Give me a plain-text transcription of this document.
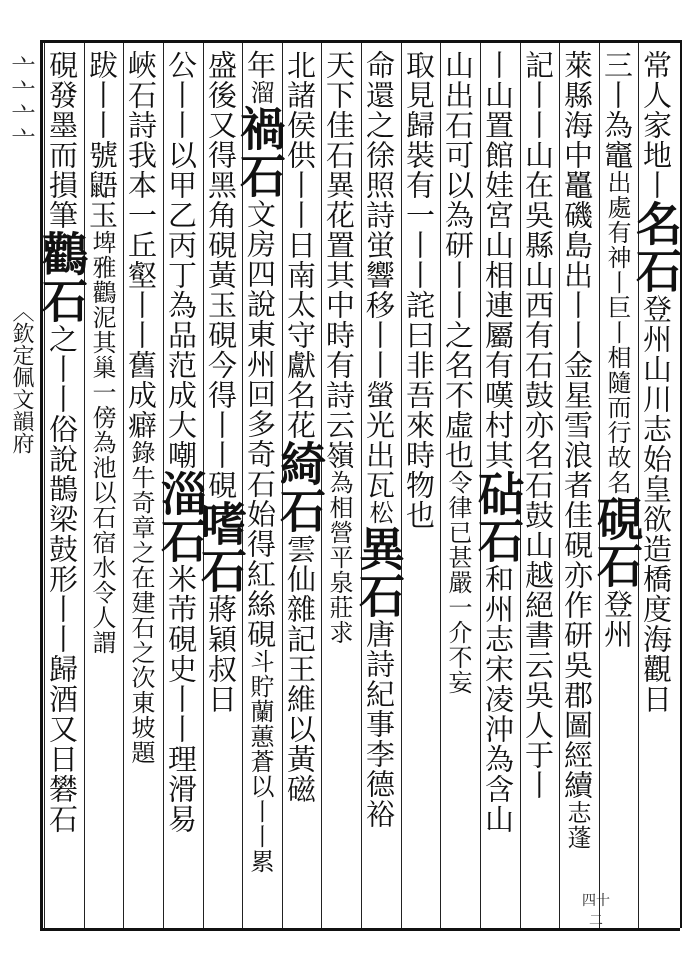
亠亠亠亠
〈欽定佩文韻府
常人家地丨名石登州山川志始皇欲造橋度海觀日
三丨為竈出處有神丨巨丨相隨而行故名硯石登州
萊縣海中鼉磯島出丨丨金星雪浪者佳硯亦作研吳郡圖經續志蓬
記丨丨山在吳縣山西有石鼓亦名石鼓山越絕書云吳人于丨
丨山置館娃宮山相連屬有嘆村其砧石和州志宋凌沖為含山
山出石可以為研丨丨之名不虛也令律已甚嚴一介不妄
取見歸裝有一丨丨詫曰非吾來時物也
命還之徐照詩蛍響移丨丨螢光出瓦松異石唐詩紀事李德裕
天下佳石異花置其中時有詩云嶺為相營平泉莊求
北諸侯供丨丨日南太守獻名花綺石雲仙雜記王維以黃磁
年溜禍石文房四說東州回多奇石始得紅絲硯斗貯蘭蕙蒼以丨丨累
盛後又得黑角硯黃玉硯今得丨丨硯嗜石蔣穎叔日
公丨丨以甲乙丙丁為品范成大嘲淄石米芾硯史丨丨理滑易
峽石詩我本一丘壑丨丨舊成癖錄牛奇章之在建石之次東坡題
跋丨丨號鼯玉埤雅鸛泥其巢一傍為池以石宿水令人謂
硯發墨而損筆鸛石之丨丨俗說鵲梁鼓形丨丨歸酒又日礬石
四十二
